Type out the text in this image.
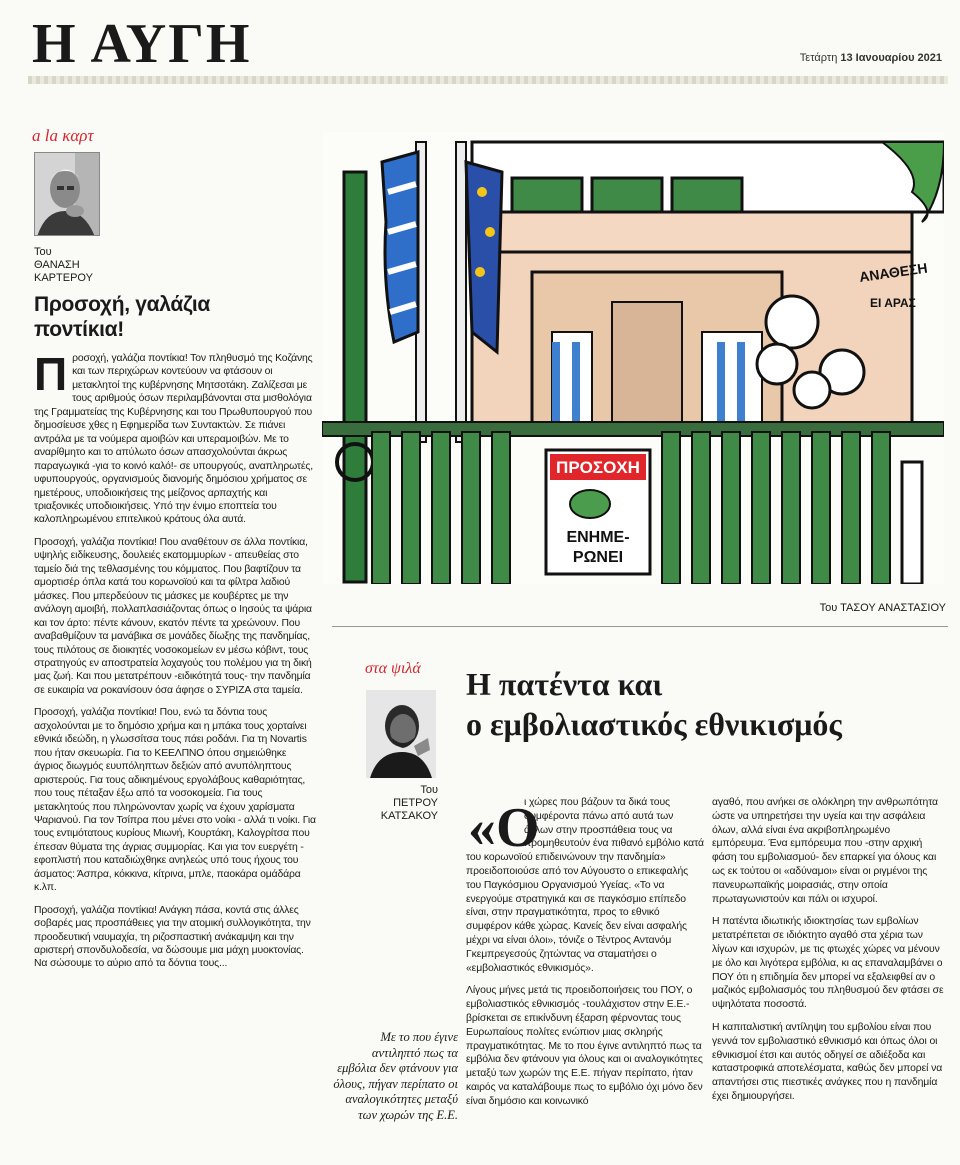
Η ΑΥΓΗ	Τετάρτη 13 Ιανουαρίου 2021
a la καρτ
Του
ΘΑΝΑΣΗ
ΚΑΡΤΕΡΟΥ
Προσοχή, γαλάζια ποντίκια!

Προσοχή, γαλάζια ποντίκια! Τον πληθυσμό της Κοζάνης και των περιχώρων κοντεύουν να φτάσουν οι μετακλητοί της κυβέρνησης Μητσοτάκη. Ζαλίζεσαι με τους αριθμούς όσων περιλαμβάνονται στα μισθολόγια της Γραμματείας της Κυβέρνησης και του Πρωθυπουργού που δημοσίευσε χθες η Εφημερίδα των Συντακτών. Σε πιάνει αντράλα με τα νούμερα αμοιβών και υπεραμοιβών. Με το αναρίθμητο και το απύλωτο όσων απασχολούνται άκρως παραγωγικά -για το κοινό καλό!- σε υπουργούς, αναπληρωτές, υφυπουργούς, οργανισμούς διανομής δημόσιου χρήματος σε ημετέρους, υποδιοικήσεις της μείζονος αρπαχτής και τριαξονικές υποδιοικήσεις. Υπό την ένιμο εποπτεία του καλοπληρωμένου επιτελικού κράτους όλα αυτά.

Προσοχή, γαλάζια ποντίκια! Που αναθέτουν σε άλλα ποντίκια, υψηλής ειδίκευσης, δουλειές εκατομμυρίων - απευθείας στο ταμείο διά της τεθλασμένης του κόμματος. Που βαφτίζουν τα αμορτισέρ όπλα κατά του κορωνοϊού και τα φίλτρα λαδιού μάσκες. Που μπερδεύουν τις μάσκες με κουβέρτες με την ανάλογη αμοιβή, πολλαπλασιάζοντας όπως ο Ιησούς τα ψάρια και τον άρτο: πέντε κάνουν, εκατόν πέντε τα χρεώνουν. Που αναβαθμίζουν τα μανάβικα σε μονάδες δίωξης της πανδημίας, τους πιλότους σε διοικητές νοσοκομείων εν μέσω κόβιντ, τους στρατηγούς εν αποστρατεία λοχαγούς του πολέμου για τη δική μας ζωή. Και που μετατρέπουν -ειδικότητά τους- την πανδημία σε ευκαιρία να ροκανίσουν όσα άφησε ο ΣΥΡΙΖΑ στα ταμεία.

Προσοχή, γαλάζια ποντίκια! Που, ενώ τα δόντια τους ασχολούνται με το δημόσιο χρήμα και η μπάκα τους χορταίνει εθνικά ιδεώδη, η γλωσσίτσα τους πάει ροδάνι. Για τη Novartis που ήταν σκευωρία. Για το ΚΕΕΛΠΝΟ όπου σημειώθηκε άγριος διωγμός ευυπόληπτων δεξιών από ανυπόληπτους αριστερούς. Για τους αδικημένους εργολάβους καθαριότητας, που τους πέταξαν έξω από τα νοσοκομεία. Για τους μετακλητούς που πληρώνονταν χωρίς να έχουν χαρίσματα Ψαριανού. Για τον Τσίπρα που μένει στο νοίκι - αλλά τι νοίκι. Για τους εντιμότατους κυρίους Μιωνή, Κουρτάκη, Καλογρίτσα που έπεσαν θύματα της άγριας συμμορίας. Και για τον ευεργέτη - εφοπλιστή που καταδιώχθηκε ανηλεώς υπό τους ήχους του άσματος: Άσπρα, κόκκινα, κίτρινα, μπλε, παοκάρα ομάδάρα κ.λπ.

Προσοχή, γαλάζια ποντίκια! Ανάγκη πάσα, κοντά στις άλλες σοβαρές μας προσπάθειες για την ατομική συλλογικότητα, την προοδευτική ναυμαχία, τη ριζοσπαστική ανάκαμψη και την αριστερή σπονδυλοδεσία, να δώσουμε μια μάχη μυοκτονίας. Να σώσουμε το αύριο από τα δόντια τους...

ΠΡΟΣΟΧΗ
ΕΝΗΜΕ-
ΡΩΝΕΙ
ΑΝΑΘΕΣΗ
ΕΙ ΑΡΑΣ
Του ΤΑΣΟΥ ΑΝΑΣΤΑΣΙΟΥ
στα ψιλά
Του
ΠΕΤΡΟΥ ΚΑΤΣΑΚΟΥ
Η πατέντα και
ο εμβολιαστικός εθνικισμός

ι χώρες που βάζουν τα δικά τους συμφέροντα πάνω από αυτά των άλλων στην προσπάθεια τους να προμηθευτούν ένα πιθανό εμβόλιο κατά του κορωνοϊού επιδεινώνουν την πανδημία» προειδοποιούσε από τον Αύγουστο ο επικεφαλής του Παγκόσμιου Οργανισμού Υγείας. «Το να ενεργούμε στρατηγικά και σε παγκόσμιο επίπεδο είναι, στην πραγματικότητα, προς το εθνικό συμφέρον κάθε χώρας. Κανείς δεν είναι ασφαλής μέχρι να είναι όλοι», τόνιζε ο Τέντρος Αντανόμ Γκεμπρεγεσούς ζητώντας να σταματήσει ο «εμβολιαστικός εθνικισμός».

Λίγους μήνες μετά τις προειδοποιήσεις του ΠΟΥ, ο εμβολιαστικός εθνικισμός -τουλάχιστον στην Ε.Ε.- βρίσκεται σε επικίνδυνη έξαρση φέρνοντας τους Ευρωπαίους πολίτες ενώπιον μιας σκληρής πραγματικότητας. Με το που έγινε αντιληπτό πως τα εμβόλια δεν φτάνουν για όλους και οι αναλογικότητες μεταξύ των χωρών της Ε.Ε. πήγαν περίπατο, ήταν καιρός να καταλάβουμε πως το εμβόλιο όχι μόνο δεν είναι δημόσιο και κοινωνικό

«Ο	αγαθό, που ανήκει σε ολόκληρη την ανθρωπότητα ώστε να υπηρετήσει την υγεία και την ασφάλεια όλων, αλλά είναι ένα ακριβοπληρωμένο εμπόρευμα. Ένα εμπόρευμα που -στην αρχική φάση του εμβολιασμού- δεν επαρκεί για όλους και ως εκ τούτου οι «αδύναμοι» είναι οι ριγμένοι της πανευρωπαϊκής μοιρασιάς, στην οποία πρωταγωνιστούν και πάλι οι ισχυροί.

Η πατέντα ιδιωτικής ιδιοκτησίας των εμβολίων μετατρέπεται σε ιδιόκτητο αγαθό στα χέρια των λίγων και ισχυρών, με τις φτωχές χώρες να μένουν με όλο και λιγότερα εμβόλια, κι ας επαναλαμβάνει ο ΠΟΥ ότι η επιδημία δεν μπορεί να εξαλειφθεί αν ο μαζικός εμβολιασμός του πληθυσμού δεν φτάσει σε υψηλότατα ποσοστά.

Η καπιταλιστική αντίληψη του εμβολίου είναι που γεννά τον εμβολιαστικό εθνικισμό και όπως όλοι οι εθνικισμοί έτσι και αυτός οδηγεί σε αδιέξοδα και καταστροφικά αποτελέσματα, καθώς δεν μπορεί να απαντήσει στις πιεστικές ανάγκες που η πανδημία έχει δημιουργήσει.

Με το που έγινε αντιληπτό πως τα εμβόλια δεν φτάνουν για όλους, πήγαν περίπατο οι αναλογικότητες μεταξύ των χωρών της Ε.Ε.
